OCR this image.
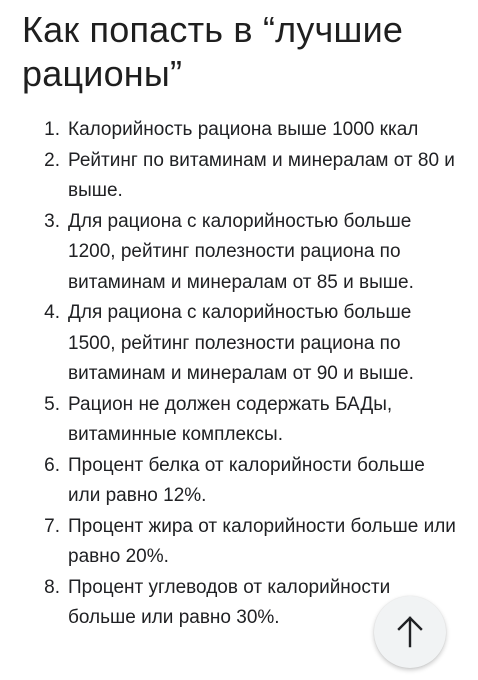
Как попасть в “лучшие рационы”
1. Калорийность рациона выше 1000 ккал
2. Рейтинг по витаминам и минералам от 80 и выше.
3. Для рациона с калорийностью больше 1200, рейтинг полезности рациона по витаминам и минералам от 85 и выше.
4. Для рациона с калорийностью больше 1500, рейтинг полезности рациона по витаминам и минералам от 90 и выше.
5. Рацион не должен содержать БАДы, витаминные комплексы.
6. Процент белка от калорийности больше или равно 12%.
7. Процент жира от калорийности больше или равно 20%.
8. Процент углеводов от калорийности больше или равно 30%.
